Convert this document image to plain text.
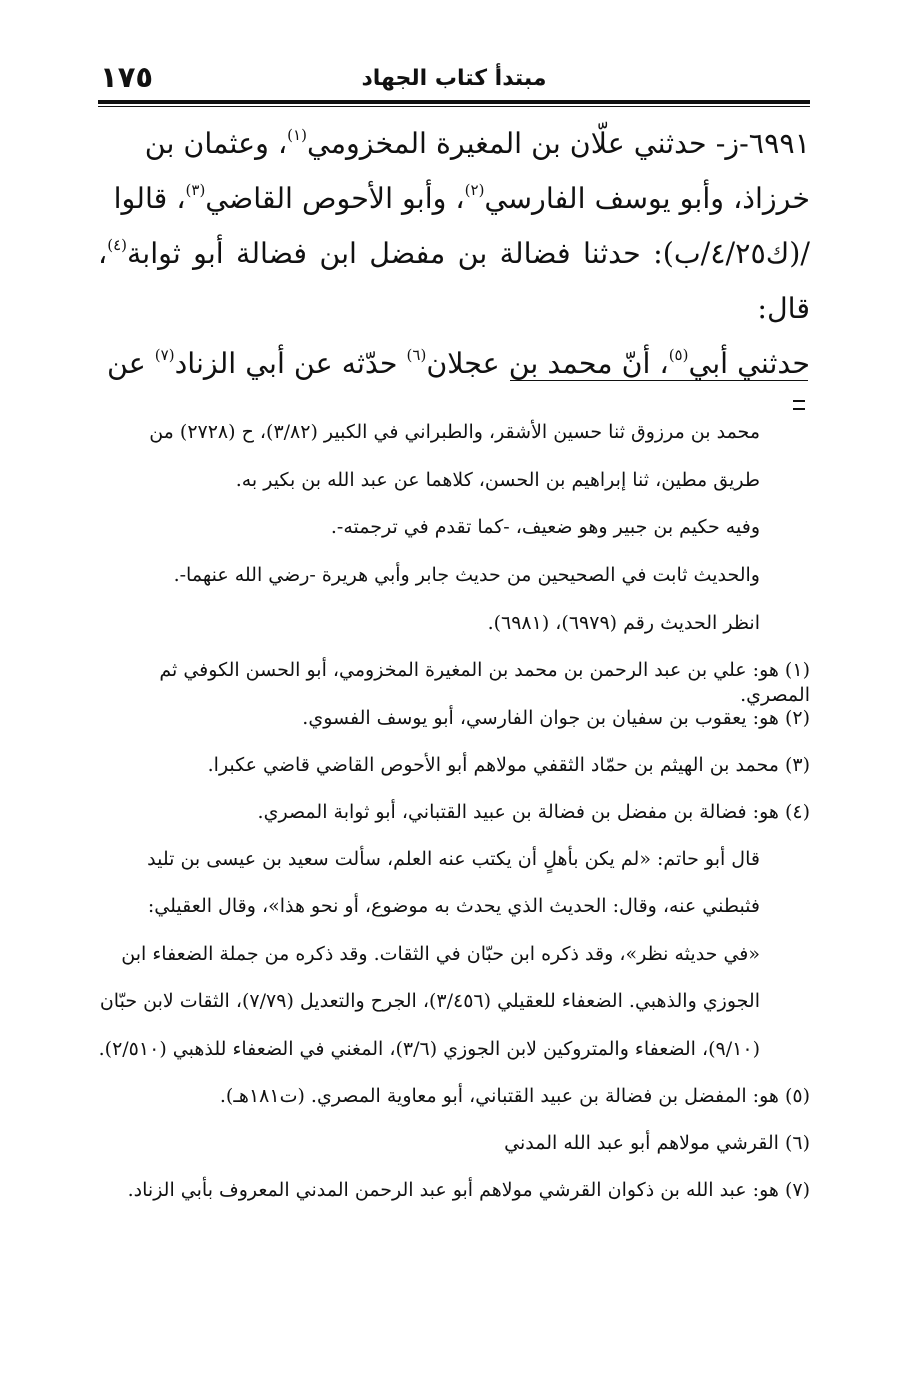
١٧٥	مبتدأ كتاب الجهاد
٦٩٩١-ز- حدثني علّان بن المغيرة المخزومي$^{(١)}$، وعثمان بن
خرزاذ، وأبو يوسف الفارسي$^{(٢)}$، وأبو الأحوص القاضي$^{(٣)}$، قالوا
/(ك٤/٢٥/ب): حدثنا فضالة بن مفضل ابن فضالة أبو ثوابة$^{(٤)}$، قال:
حدثني أبي$^{(٥)}$، أنّ محمد بن عجلان$^{(٦)}$ حدّثه عن أبي الزناد$^{(٧)}$ عن
محمد بن مرزوق ثنا حسين الأشقر، والطبراني في الكبير (٣/٨٢)، ح (٢٧٢٨) من
طريق مطين، ثنا إبراهيم بن الحسن، كلاهما عن عبد الله بن بكير به.
وفيه حكيم بن جبير وهو ضعيف، -كما تقدم في ترجمته-.
والحديث ثابت في الصحيحين من حديث جابر وأبي هريرة -رضي الله عنهما-.
انظر الحديث رقم (٦٩٧٩)، (٦٩٨١).
(١) هو: علي بن عبد الرحمن بن محمد بن المغيرة المخزومي، أبو الحسن الكوفي ثم المصري.
(٢) هو: يعقوب بن سفيان بن جوان الفارسي، أبو يوسف الفسوي.
(٣) محمد بن الهيثم بن حمّاد الثقفي مولاهم أبو الأحوص القاضي قاضي عكبرا.
(٤) هو: فضالة بن مفضل بن فضالة بن عبيد القتباني، أبو ثوابة المصري.
قال أبو حاتم: «لم يكن بأهلٍ أن يكتب عنه العلم، سألت سعيد بن عيسى بن تليد
فثبطني عنه، وقال: الحديث الذي يحدث به موضوع، أو نحو هذا»، وقال العقيلي:
«في حديثه نظر»، وقد ذكره ابن حبّان في الثقات. وقد ذكره من جملة الضعفاء ابن
الجوزي والذهبي. الضعفاء للعقيلي (٣/٤٥٦)، الجرح والتعديل (٧/٧٩)، الثقات لابن حبّان
(٩/١٠)، الضعفاء والمتروكين لابن الجوزي (٣/٦)، المغني في الضعفاء للذهبي (٢/٥١٠).
(٥) هو: المفضل بن فضالة بن عبيد القتباني، أبو معاوية المصري. (ت١٨١هـ).
(٦) القرشي مولاهم أبو عبد الله المدني
(٧) هو: عبد الله بن ذكوان القرشي مولاهم أبو عبد الرحمن المدني المعروف بأبي الزناد.
